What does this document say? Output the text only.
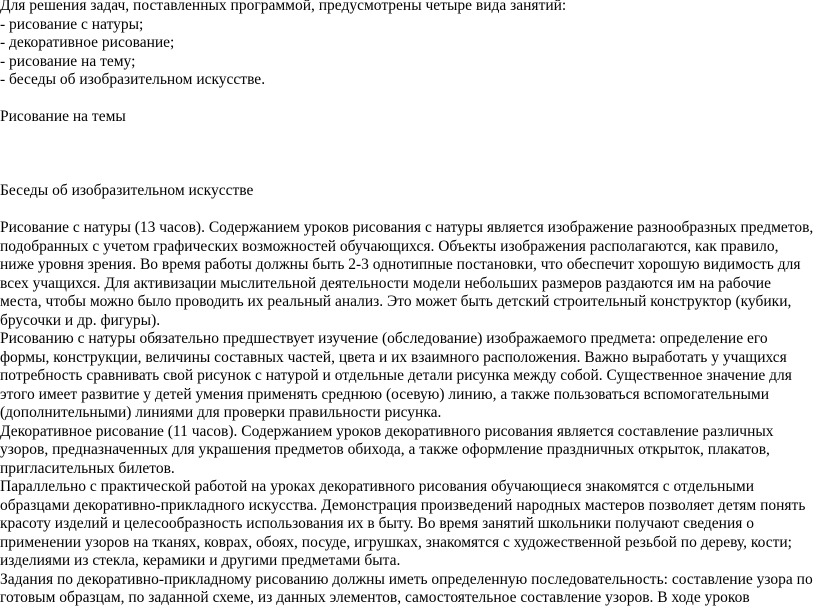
Для решения задач, поставленных программой, предусмотрены четыре вида занятий:

- рисование с натуры;

- декоративное рисование;

- рисование на тему;

- беседы об изобразительном искусстве.

Рисование на темы

Беседы об изобразительном искусстве

Рисование с натуры (13 часов). Содержанием уроков рисования с натуры является изображение разнообразных предметов, подобранных с учетом графических возможностей обучающихся. Объекты изображения располагаются, как правило, ниже уровня зрения. Во время работы должны быть 2-3 однотипные постановки, что обеспечит хорошую видимость для всех учащихся. Для активизации мыслительной деятельности модели небольших размеров раздаются им на рабочие места, чтобы можно было проводить их реальный анализ. Это может быть детский строительный конструктор (кубики, брусочки и др. фигуры).

Рисованию с натуры обязательно предшествует изучение (обследование) изображаемого предмета: определение его формы, конструкции, величины составных частей, цвета и их взаимного расположения. Важно выработать у учащихся потребность сравнивать свой рисунок с натурой и отдельные детали рисунка между собой. Существенное значение для этого имеет развитие у детей умения применять среднюю (осевую) линию, а также пользоваться вспомогательными (дополнительными) линиями для проверки правильности рисунка.

Декоративное рисование (11 часов). Содержанием уроков декоративного рисования является составление различных узоров, предназначенных для украшения предметов обихода, а также оформление праздничных открыток, плакатов, пригласительных билетов.

Параллельно с практической работой на уроках декоративного рисования обучающиеся знакомятся с отдельными образцами декоративно-прикладного искусства. Демонстрация произведений народных мастеров позволяет детям понять красоту изделий и целесообразность использования их в быту. Во время занятий школьники получают сведения о применении узоров на тканях, коврах, обоях, посуде, игрушках, знакомятся с художественной резьбой по дереву, кости; изделиями из стекла, керамики и другими предметами быта.

Задания по декоративно-прикладному рисованию должны иметь определенную последовательность: составление узора по готовым образцам, по заданной схеме, из данных элементов, самостоятельное составление узоров. В ходе уроков
